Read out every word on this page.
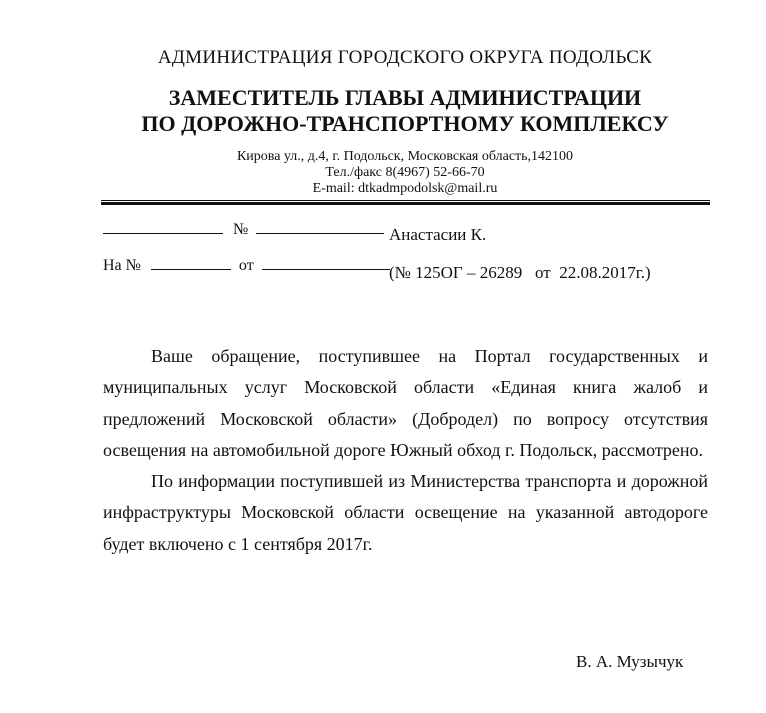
АДМИНИСТРАЦИЯ ГОРОДСКОГО ОКРУГА ПОДОЛЬСК
ЗАМЕСТИТЕЛЬ ГЛАВЫ АДМИНИСТРАЦИИ
ПО ДОРОЖНО-ТРАНСПОРТНОМУ КОМПЛЕКСУ
Кирова ул., д.4, г. Подольск, Московская область,142100
Тел./факс 8(4967) 52-66-70
E-mail: dtkadmpodolsk@mail.ru
№	Анастасии К.
На №	от	(№ 125ОГ – 26289   от  22.08.2017г.)

Ваше обращение, поступившее на Портал государственных и муниципальных услуг Московской области «Единая книга жалоб и предложений Московской области» (Добродел) по вопросу отсутствия освещения на автомобильной дороге Южный обход г. Подольск, рассмотрено.

По информации поступившей из Министерства транспорта и дорожной инфраструктуры Московской области освещение на указанной автодороге будет включено с 1 сентября 2017г.

В. А. Музычук
